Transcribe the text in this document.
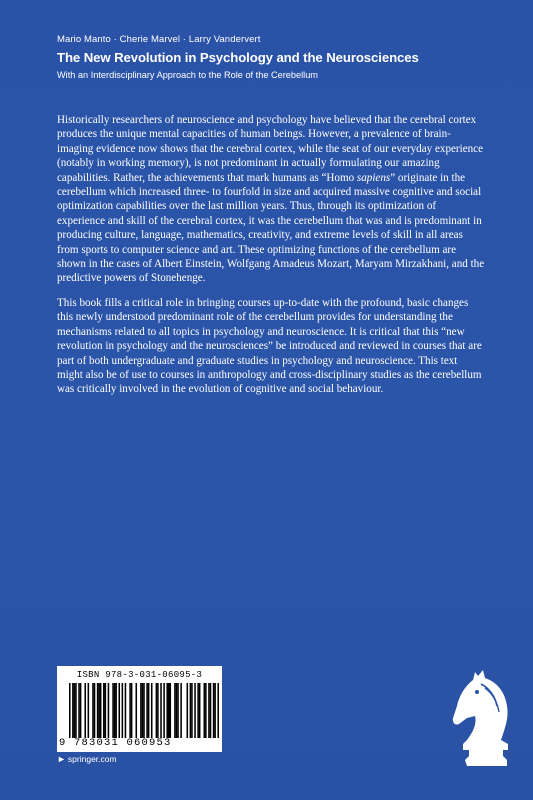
Mario Manto · Cherie Marvel · Larry Vandervert
The New Revolution in Psychology and the Neurosciences
With an Interdisciplinary Approach to the Role of the Cerebellum

Historically researchers of neuroscience and psychology have believed that the cerebral cortex produces the unique mental capacities of human beings. However, a prevalence of brain-imaging evidence now shows that the cerebral cortex, while the seat of our everyday experience (notably in working memory), is not predominant in actually formulating our amazing capabilities. Rather, the achievements that mark humans as “Homo sapiens” originate in the cerebellum which increased three- to fourfold in size and acquired massive cognitive and social optimization capabilities over the last million years. Thus, through its optimization of experience and skill of the cerebral cortex, it was the cerebellum that was and is predominant in producing culture, language, mathematics, creativity, and extreme levels of skill in all areas from sports to computer science and art. These optimizing functions of the cerebellum are shown in the cases of Albert Einstein, Wolfgang Amadeus Mozart, Maryam Mirzakhani, and the predictive powers of Stonehenge.

This book fills a critical role in bringing courses up-to-date with the profound, basic changes this newly understood predominant role of the cerebellum provides for understanding the mechanisms related to all topics in psychology and neuroscience. It is critical that this “new revolution in psychology and the neurosciences” be introduced and reviewed in courses that are part of both undergraduate and graduate studies in psychology and neuroscience. This text might also be of use to courses in anthropology and cross-disciplinary studies as the cerebellum was critically involved in the evolution of cognitive and social behaviour.

ISBN 978-3-031-06095-3
9 783031 060953
► springer.com
